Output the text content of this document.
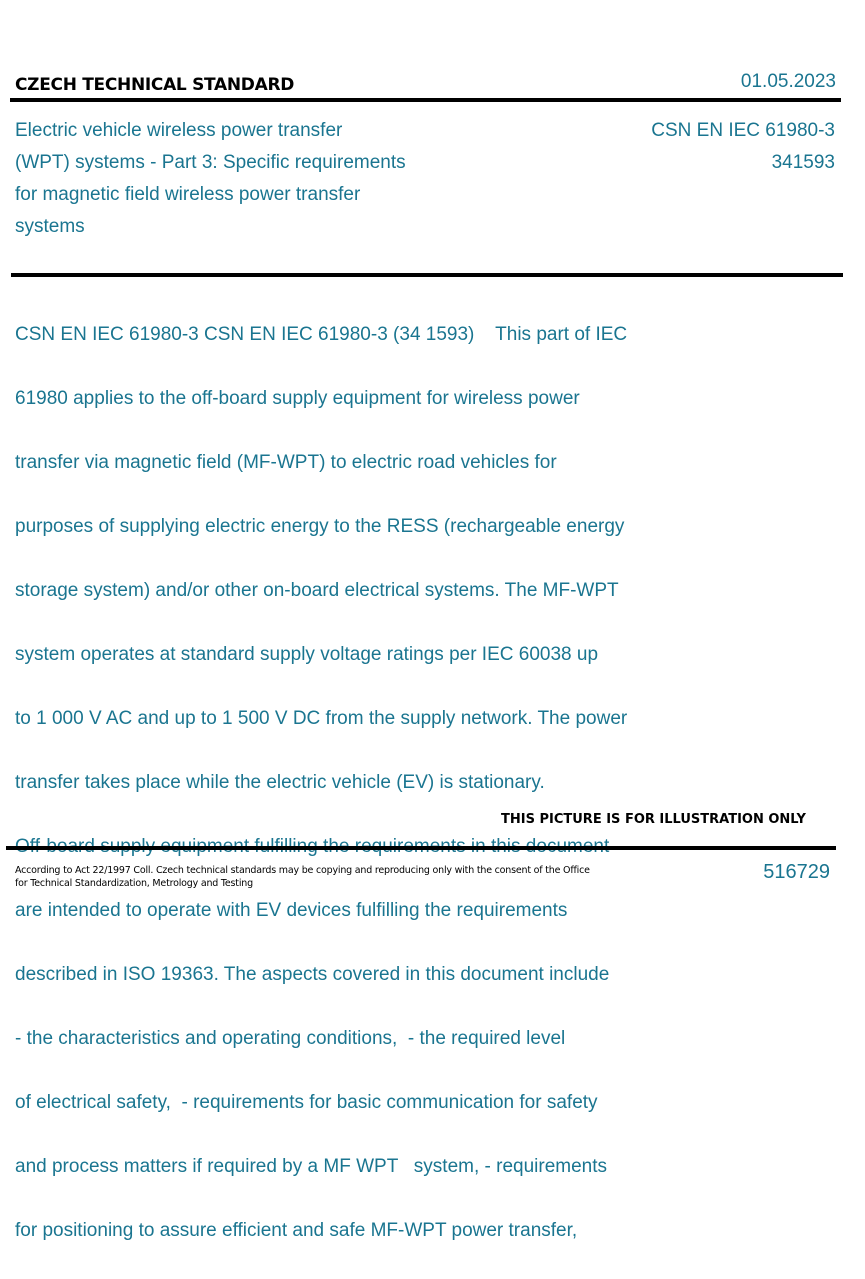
CZECH TECHNICAL STANDARD	01.05.2023
Electric vehicle wireless power transfer
(WPT) systems - Part 3: Specific requirements
for magnetic field wireless power transfer
systems
CSN EN IEC 61980-3
341593

CSN EN IEC 61980-3 CSN EN IEC 61980-3 (34 1593)    This part of IEC

61980 applies to the off-board supply equipment for wireless power

transfer via magnetic field (MF-WPT) to electric road vehicles for

purposes of supplying electric energy to the RESS (rechargeable energy

storage system) and/or other on-board electrical systems. The MF-WPT

system operates at standard supply voltage ratings per IEC 60038 up

to 1 000 V AC and up to 1 500 V DC from the supply network. The power

transfer takes place while the electric vehicle (EV) is stationary.

Off-board supply equipment fulfilling the requirements in this document

are intended to operate with EV devices fulfilling the requirements

described in ISO 19363. The aspects covered in this document include

- the characteristics and operating conditions,  - the required level

of electrical safety,  - requirements for basic communication for safety

and process matters if required by a MF WPT   system, - requirements

for positioning to assure efficient and safe MF-WPT power transfer,

THIS PICTURE IS FOR ILLUSTRATION ONLY
According to Act 22/1997 Coll. Czech technical standards may be copying and reproducing only with the consent of the Office
for Technical Standardization, Metrology and Testing	516729
